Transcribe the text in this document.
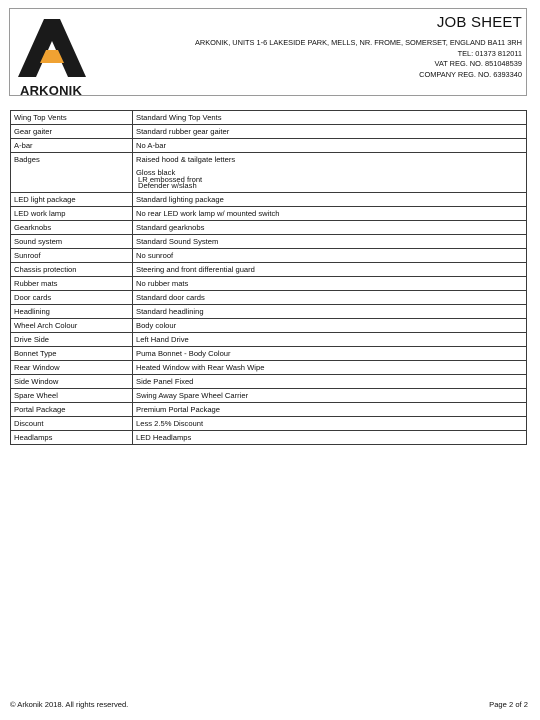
ARKONIK
JOB SHEET
ARKONIK, UNITS 1-6 LAKESIDE PARK, MELLS, NR. FROME, SOMERSET, ENGLAND BA11 3RH
TEL: 01373 812011
VAT REG. NO. 851048539
COMPANY REG. NO. 6393340
Wing Top Vents	Standard Wing Top Vents

Gear gaiter	Standard rubber gear gaiter

A-bar	No A-bar

Badges	Raised hood & tailgate letters
Gloss black
LR embossed front
Defender w/slash

LED light package	Standard lighting package

LED work lamp	No rear LED work lamp w/ mounted switch

Gearknobs	Standard gearknobs

Sound system	Standard Sound System

Sunroof	No sunroof

Chassis protection	Steering and front differential guard

Rubber mats	No rubber mats

Door cards	Standard door cards

Headlining	Standard headlining

Wheel Arch Colour	Body colour

Drive Side	Left Hand Drive

Bonnet Type	Puma Bonnet - Body Colour

Rear Window	Heated Window with Rear Wash Wipe

Side Window	Side Panel Fixed

Spare Wheel	Swing Away Spare Wheel Carrier

Portal Package	Premium Portal Package

Discount	Less 2.5% Discount

Headlamps	LED Headlamps
© Arkonik 2018. All rights reserved.	Page 2 of 2
